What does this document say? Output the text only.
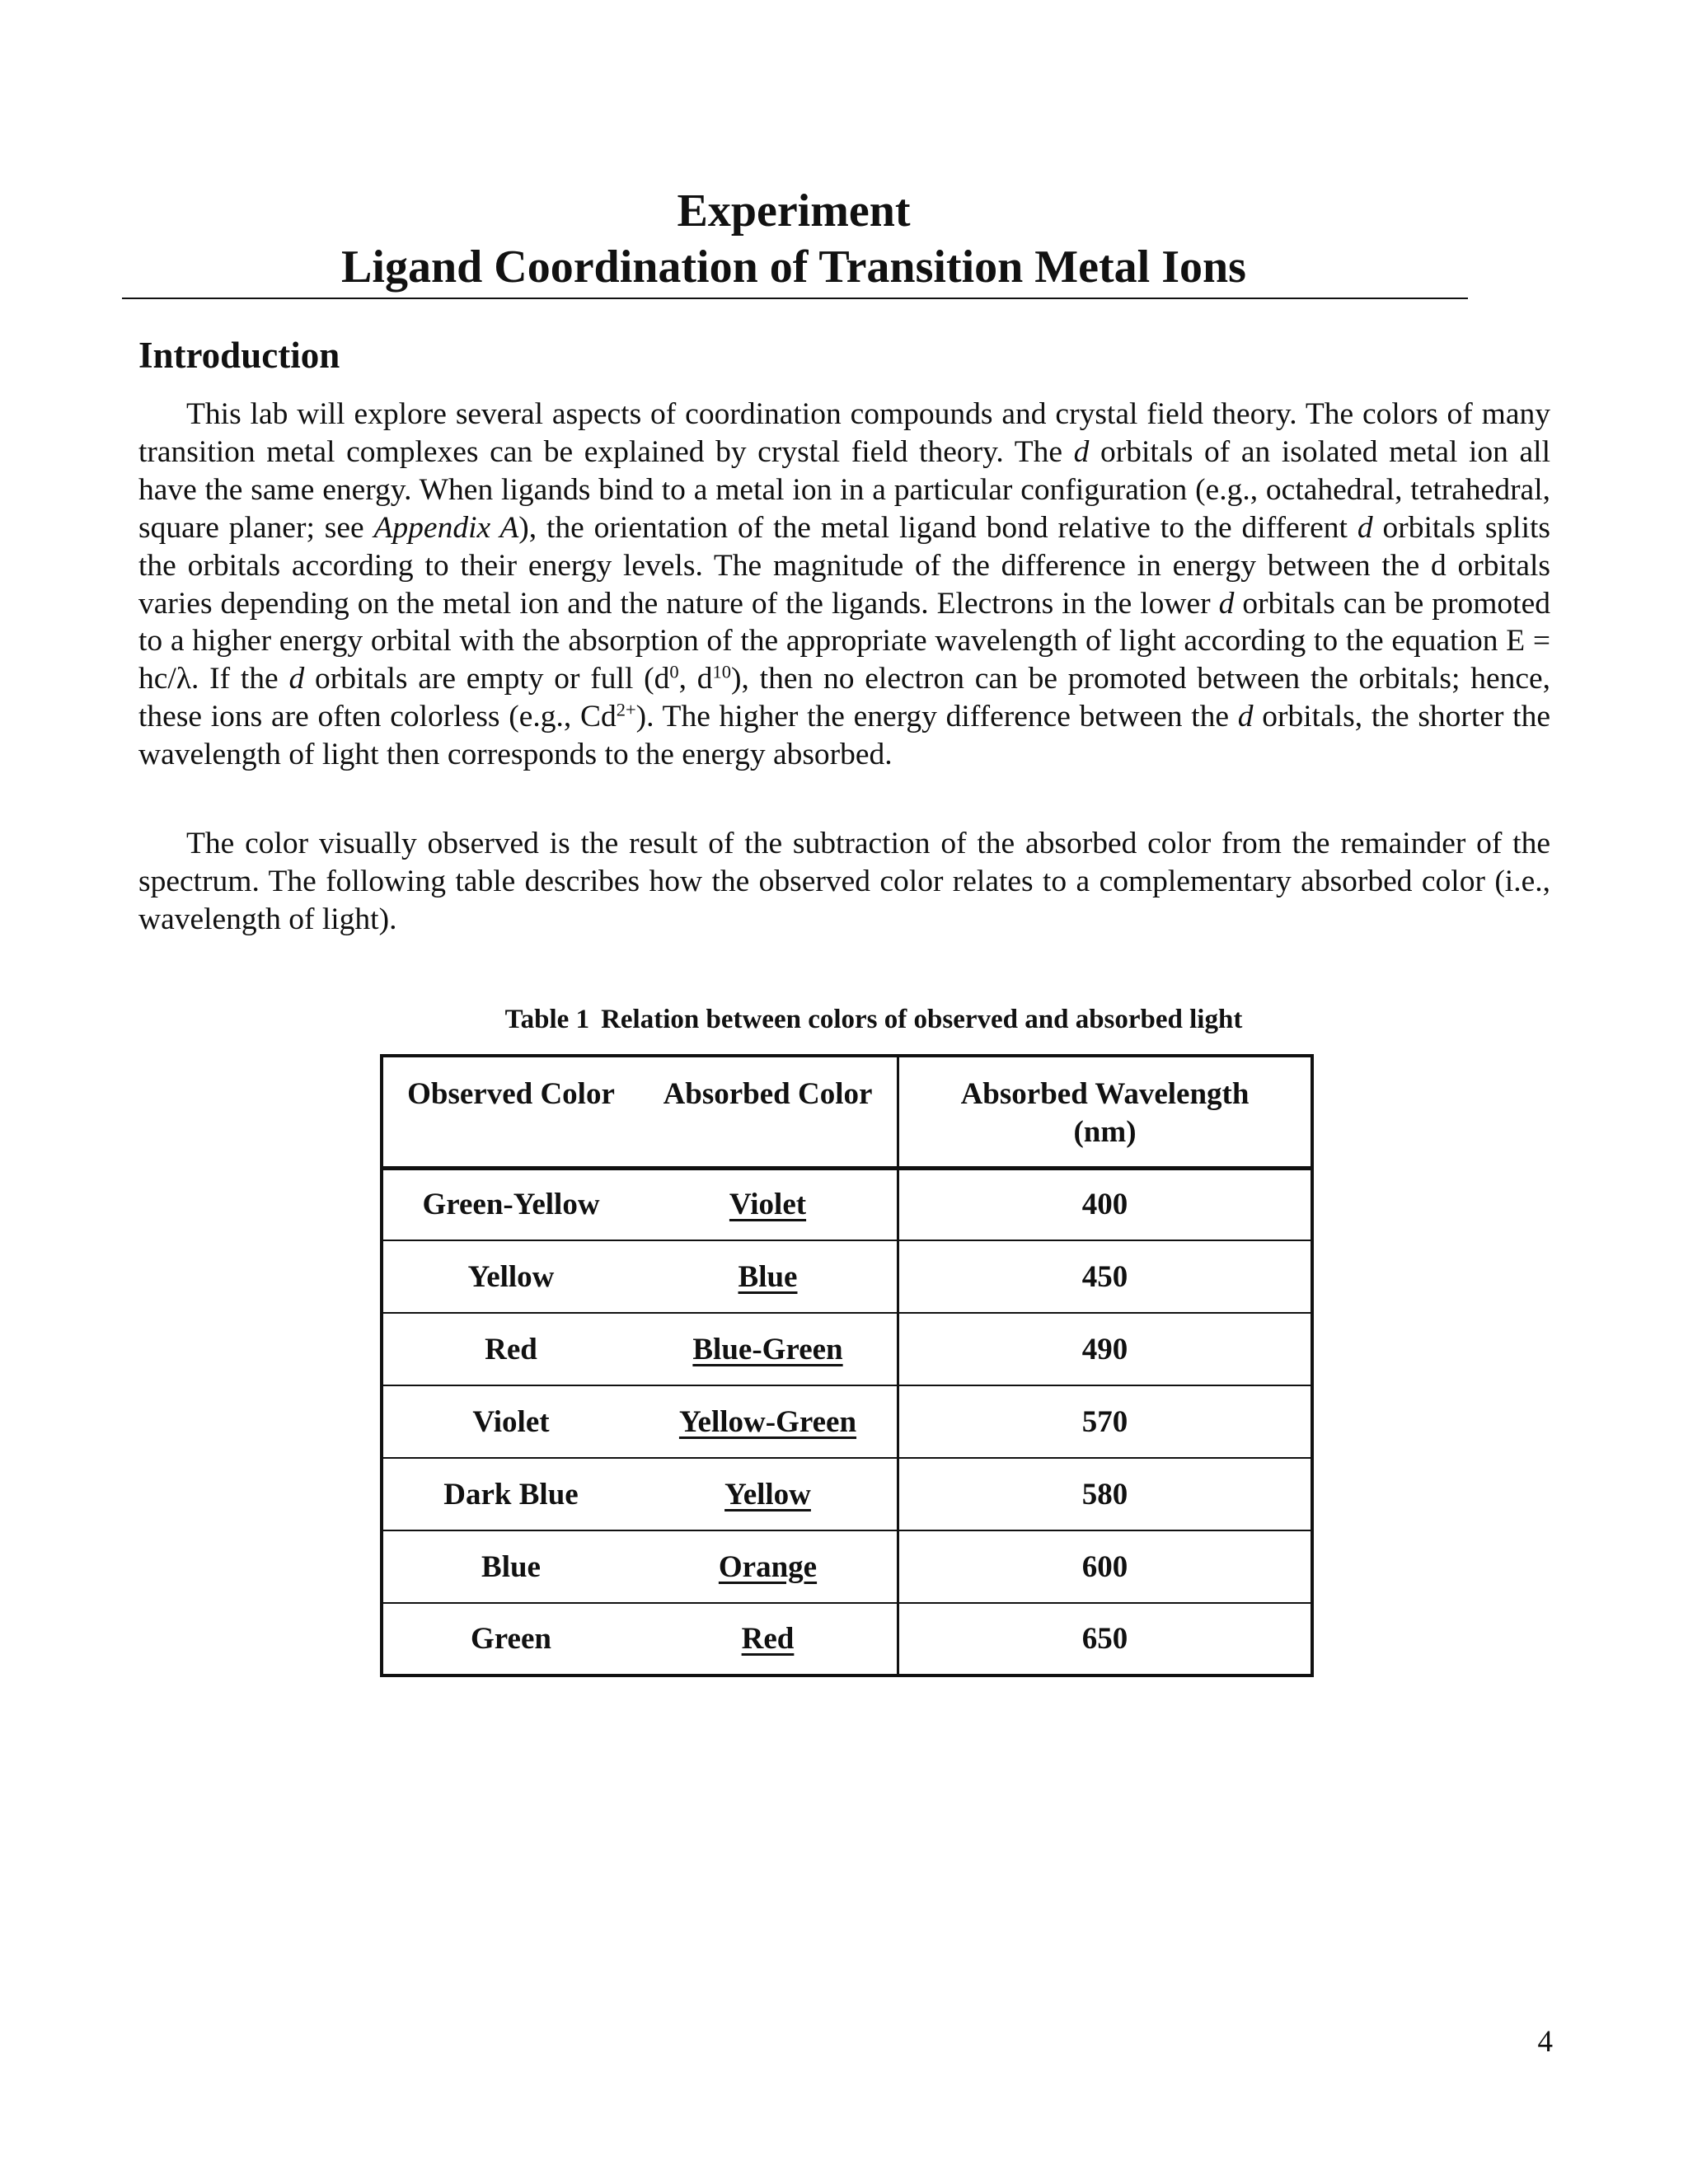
Experiment

Ligand Coordination of Transition Metal Ions

Introduction

This lab will explore several aspects of coordination compounds and crystal field theory. The colors of many transition metal complexes can be explained by crystal field theory. The d orbitals of an isolated metal ion all have the same energy. When ligands bind to a metal ion in a particular configuration (e.g., octahedral, tetrahedral, square planer; see Appendix A), the orientation of the metal ligand bond relative to the different d orbitals splits the orbitals according to their energy levels. The magnitude of the difference in energy between the d orbitals varies depending on the metal ion and the nature of the ligands. Electrons in the lower d orbitals can be promoted to a higher energy orbital with the absorption of the appropriate wavelength of light according to the equation E = hc/λ. If the d orbitals are empty or full ($d^0$, $d^{10}$), then no electron can be promoted between the orbitals; hence, these ions are often colorless (e.g., $Cd^{2+}$). The higher the energy difference between the d orbitals, the shorter the wavelength of light then corresponds to the energy absorbed.

The color visually observed is the result of the subtraction of the absorbed color from the remainder of the spectrum. The following table describes how the observed color relates to a complementary absorbed color (i.e., wavelength of light).

Table 1 Relation between colors of observed and absorbed light
Observed Color	Absorbed Color	Absorbed Wavelength
(nm)
Green-Yellow	Violet	400
Yellow	Blue	450
Red	Blue-Green	490
Violet	Yellow-Green	570
Dark Blue	Yellow	580
Blue	Orange	600
Green	Red	650
4
